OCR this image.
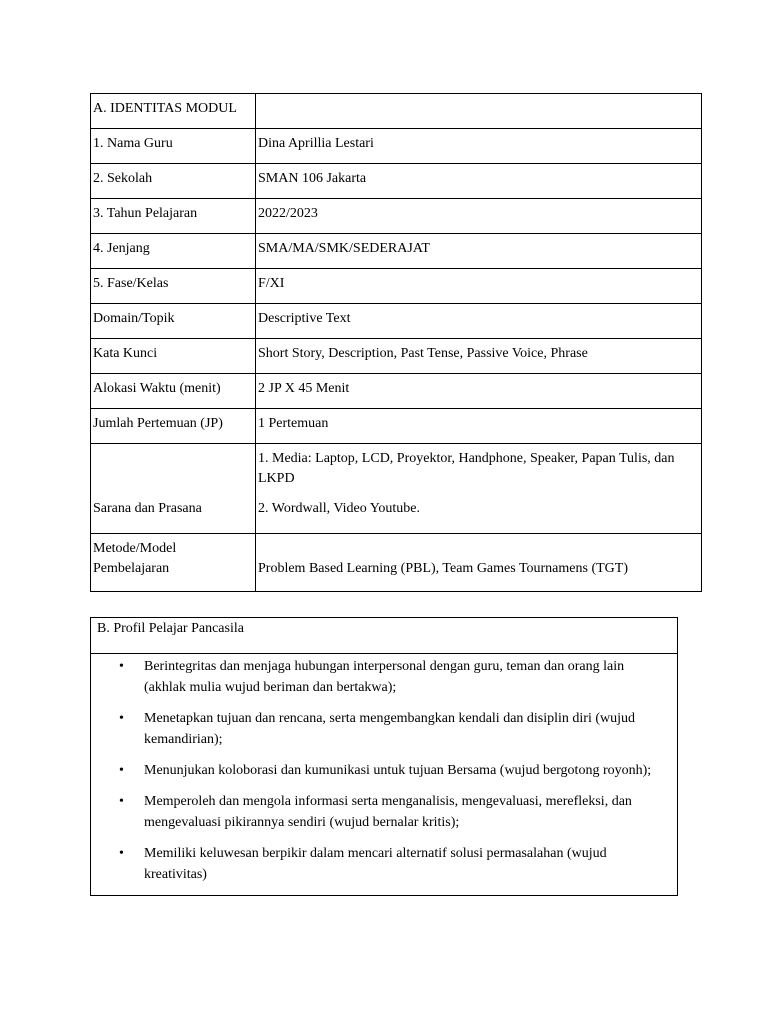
A. IDENTITAS MODUL	
1. Nama Guru	Dina Aprillia Lestari
2. Sekolah	SMAN 106 Jakarta
3. Tahun Pelajaran	2022/2023
4. Jenjang	SMA/MA/SMK/SEDERAJAT
5. Fase/Kelas	F/XI
Domain/Topik	Descriptive Text
Kata Kunci	Short Story, Description, Past Tense, Passive Voice, Phrase
Alokasi Waktu (menit)	2 JP X 45 Menit
Jumlah Pertemuan (JP)	1 Pertemuan
Sarana dan Prasana	1. Media: Laptop, LCD, Proyektor, Handphone, Speaker, Papan Tulis, dan LKPD

2. Wordwall, Video Youtube.

Metode/Model Pembelajaran	Problem Based Learning (PBL), Team Games Tournamens (TGT)
B. Profil Pelajar Pancasila

• Berintegritas dan menjaga hubungan interpersonal dengan guru, teman dan orang lain (akhlak mulia wujud beriman dan bertakwa);
• Menetapkan tujuan dan rencana, serta mengembangkan kendali dan disiplin diri (wujud kemandirian);
• Menunjukan koloborasi dan kumunikasi untuk tujuan Bersama (wujud bergotong royonh);
• Memperoleh dan mengola informasi serta menganalisis, mengevaluasi, merefleksi, dan mengevaluasi pikirannya sendiri (wujud bernalar kritis);
• Memiliki keluwesan berpikir dalam mencari alternatif solusi permasalahan (wujud kreativitas)
